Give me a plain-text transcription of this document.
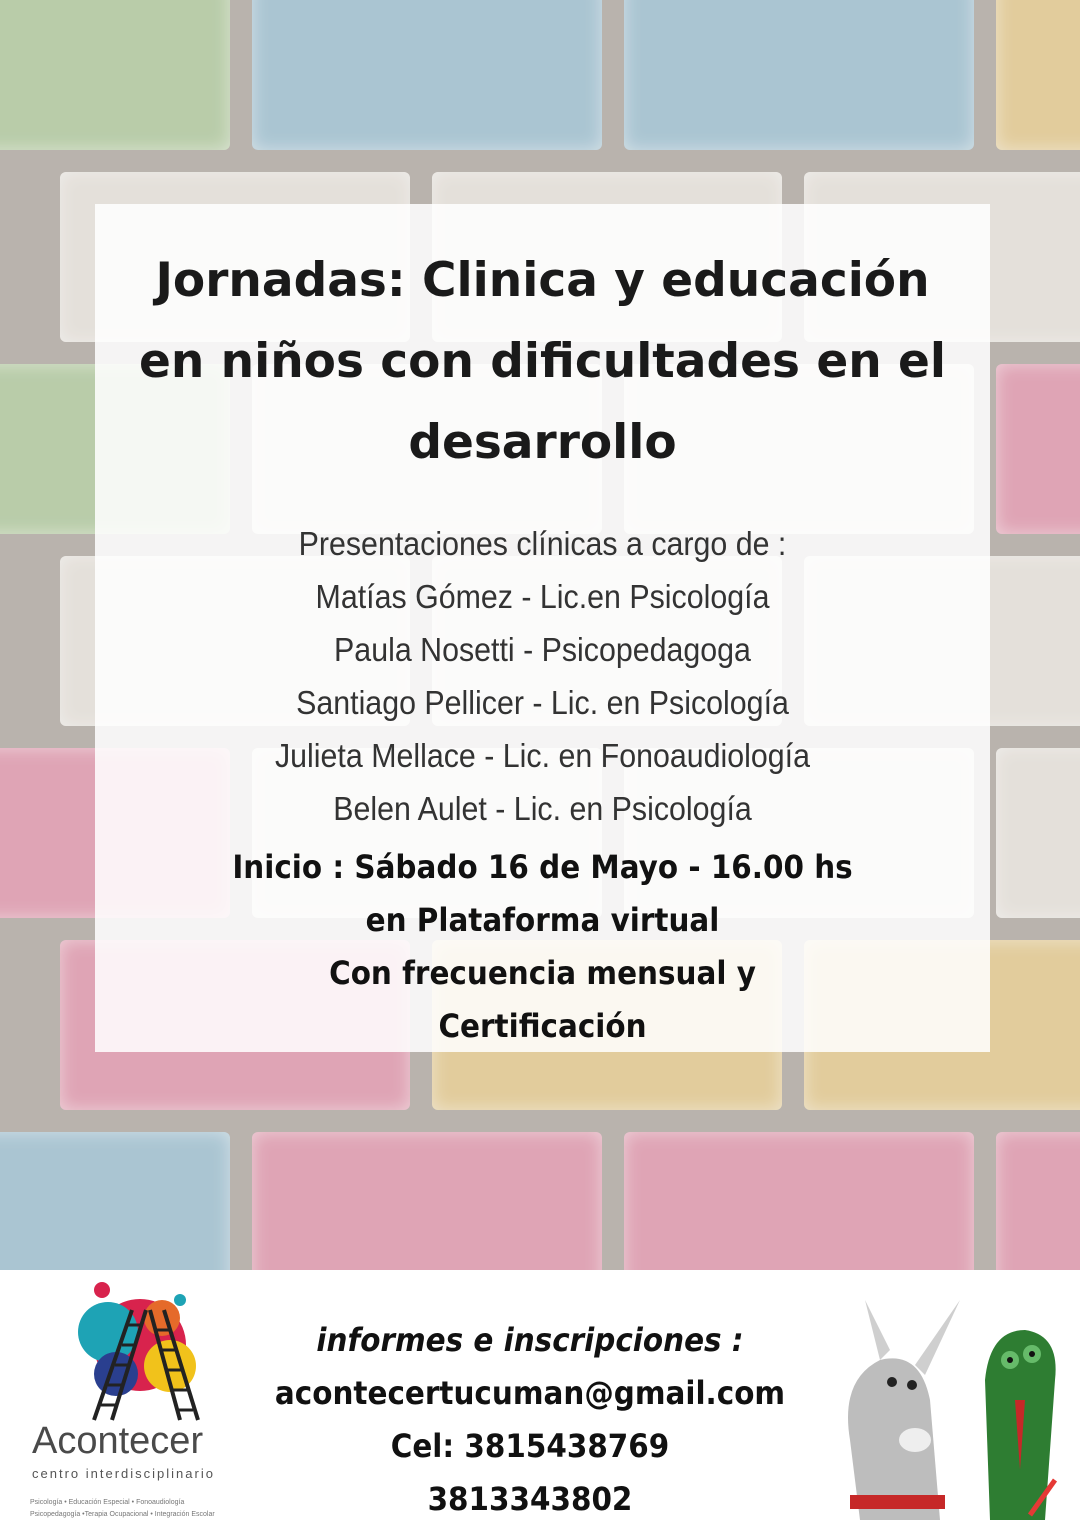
Jornadas: Clinica y educación en niños con dificultades en el desarrollo
Presentaciones clínicas a cargo de :
Matías Gómez - Lic.en Psicología
Paula Nosetti - Psicopedagoga
Santiago Pellicer - Lic. en Psicología
Julieta Mellace - Lic. en Fonoaudiología
Belen Aulet - Lic. en Psicología
Inicio : Sábado 16 de Mayo - 16.00 hs
en Plataforma virtual
Con frecuencia mensual y
Certificación
Acontecer
centro interdisciplinario
Psicología • Educación Especial • Fonoaudiología
Psicopedagogía •Terapia Ocupacional • Integración Escolar
informes e inscripciones :
acontecertucuman@gmail.com
Cel: 3815438769
3813343802
